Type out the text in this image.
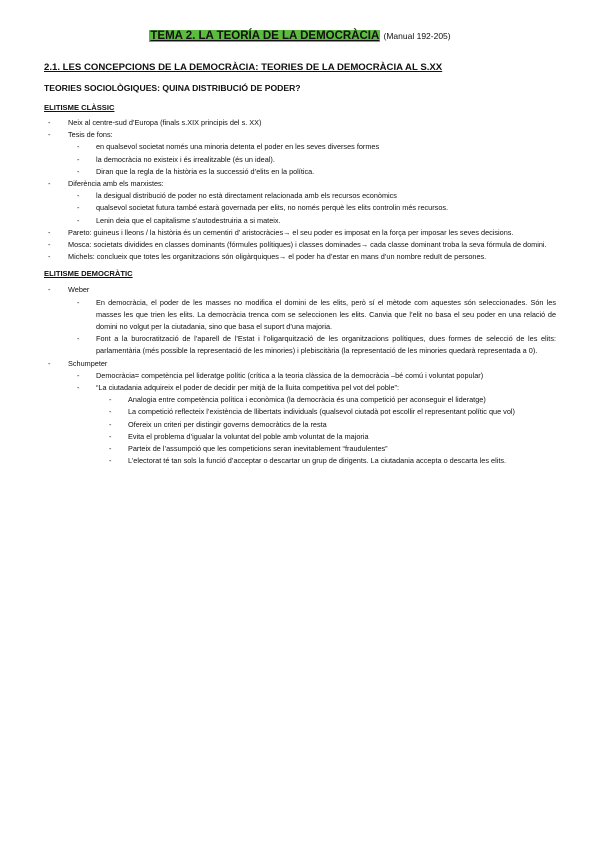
TEMA 2. LA TEORÍA DE LA DEMOCRÀCIA (Manual 192-205)
2.1. LES CONCEPCIONS DE LA DEMOCRÀCIA: TEORIES DE LA DEMOCRÀCIA AL S.XX
TEORIES SOCIOLÒGIQUES: QUINA DISTRIBUCIÓ DE PODER?
ELITISME CLÀSSIC
-	Neix al centre-sud d’Europa (finals s.XIX principis del s. XX)
-	Tesis de fons:
-	en qualsevol societat només una minoria detenta el poder en les seves diverses formes
-	la democràcia no existeix i és irrealitzable (és un ideal).
-	Diran que la regla de la història es la successió d’elits en la política.
-	Diferència amb els marxistes:
-	la desigual distribució de poder no està directament relacionada amb els recursos econòmics
-	qualsevol societat futura també estarà governada per elits, no només perquè les elits controlin més recursos.
-	Lenin deia que el capitalisme s’autodestruiria a si mateix.
-	Pareto: guineus i lleons / la història és un cementiri d’ aristocràcies→ el seu poder es imposat en la força per imposar les seves decisions.
-	Mosca: societats dividides en classes dominants (fórmules polítiques) i classes dominades→ cada classe dominant troba la seva fórmula de domini.
-	Michels: conclueix que totes les organitzacions són oligàrquiques→ el poder ha d’estar en mans d’un nombre reduït de persones.
ELITISME DEMOCRÀTIC
-	Weber
-	En democràcia, el poder de les masses no modifica el domini de les elits, però sí el mètode com aquestes són seleccionades. Són les masses les que trien les elits. La democràcia trenca com se seleccionen les elits. Canvia que l’elit no basa el seu poder en una relació de domini no volgut per la ciutadania, sino que basa el suport d’una majoria.
-	Font a la burocratització de l’aparell de l’Estat i l’oligarquització de les organitzacions polítiques, dues formes de selecció de les elits: parlamentària (més possible la representació de les minories) i plebiscitària (la representació de les minories quedarà representada a 0).
-	Schumpeter
-	Democràcia= competència pel lideratge polític (crítica a la teoria clàssica de la democràcia –bé comú i voluntat popular)
-	“La ciutadania adquireix el poder de decidir per mitjà de la lluita competitiva pel vot del poble”:
-	Analogia entre competència política i econòmica (la democràcia és una competició per aconseguir el lideratge)
-	La competició reflecteix l’existència de llibertats individuals (qualsevol ciutadà pot escollir el representant polític que vol)
-	Ofereix un criteri per distingir governs democràtics de la resta
-	Evita el problema d’igualar la voluntat del poble amb voluntat de la majoria
-	Parteix de l’assumpció que les competicions seran inevitablement “fraudulentes”
-	L’electorat té tan sols la funció d’acceptar o descartar un grup de dirigents. La ciutadania accepta o descarta les elits.
